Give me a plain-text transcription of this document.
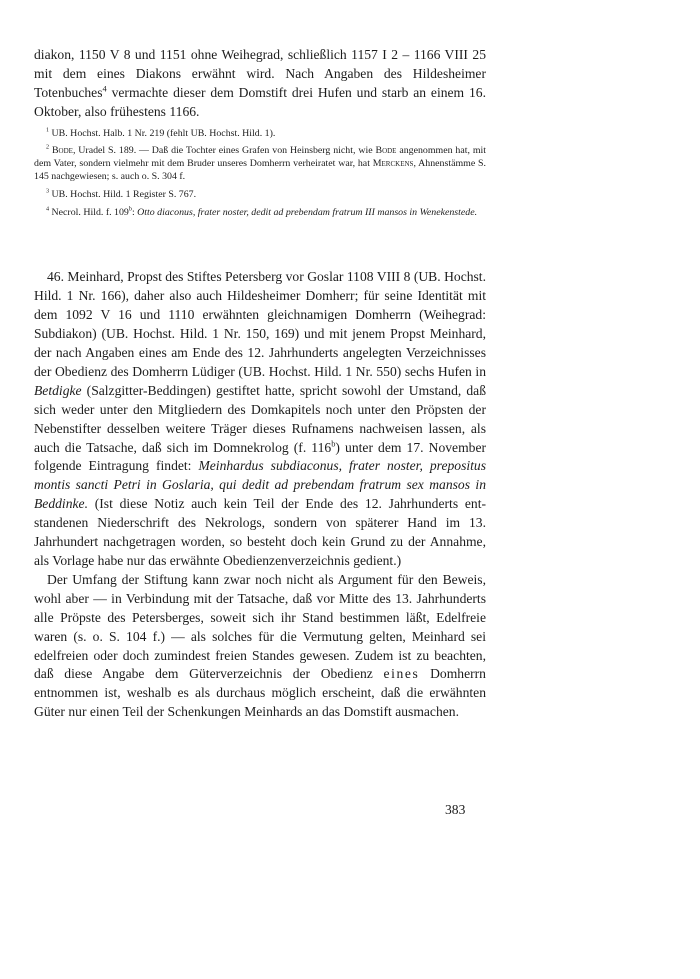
diakon, 1150 V 8 und 1151 ohne Weihegrad, schließlich 1157 I 2 – 1166 VIII 25 mit dem eines Diakons erwähnt wird. Nach Angaben des Hildesheimer Totenbuches$^4$ vermachte dieser dem Domstift drei Hufen und starb an einem 16. Oktober, also frühestens 1166.

$^1$ UB. Hochst. Halb. 1 Nr. 219 (fehlt UB. Hochst. Hild. 1).

$^2$ Bode, Uradel S. 189. — Daß die Tochter eines Grafen von Heinsberg nicht, wie Bode angenommen hat, mit dem Vater, sondern vielmehr mit dem Bruder unseres Domherrn verheiratet war, hat Merckens, Ahnenstämme S. 145 nachgewiesen; s. auch o. S. 304 f.

$^3$ UB. Hochst. Hild. 1 Register S. 767.

$^4$ Necrol. Hild. f. 109$^b$: Otto diaconus, frater noster, dedit ad prebendam fratrum III mansos in Wenekenstede.

46. Meinhard, Propst des Stiftes Petersberg vor Goslar 1108 VIII 8 (UB. Hochst. Hild. 1 Nr. 166), daher also auch Hildesheimer Domherr; für seine Identität mit dem 1092 V 16 und 1110 erwähnten gleichnamigen Domherrn (Weihegrad: Subdiakon) (UB. Hochst. Hild. 1 Nr. 150, 169) und mit jenem Propst Meinhard, der nach Angaben eines am Ende des 12. Jahrhunderts angelegten Verzeichnisses der Obedienz des Domherrn Lüdiger (UB. Hochst. Hild. 1 Nr. 550) sechs Hufen in Betdigke (Salzgitter-Beddingen) gestiftet hatte, spricht sowohl der Umstand, daß sich weder unter den Mitgliedern des Domkapitels noch unter den Pröpsten der Nebenstifter desselben weitere Träger dieses Rufnamens nachweisen lassen, als auch die Tatsache, daß sich im Domnekrolog (f. 116$^b$) unter dem 17. November folgende Eintragung findet: Meinhardus subdiaconus, frater noster, prepositus montis sancti Petri in Goslaria, qui dedit ad prebendam fratrum sex mansos in Beddinke. (Ist diese Notiz auch kein Teil der Ende des 12. Jahrhunderts entstandenen Niederschrift des Nekrologs, sondern von späterer Hand im 13. Jahrhundert nachgetragen worden, so besteht doch kein Grund zu der Annahme, als Vorlage habe nur das erwähnte Obedienzenverzeichnis gedient.)

Der Umfang der Stiftung kann zwar noch nicht als Argument für den Beweis, wohl aber — in Verbindung mit der Tatsache, daß vor Mitte des 13. Jahrhunderts alle Pröpste des Petersberges, soweit sich ihr Stand bestimmen läßt, Edelfreie waren (s. o. S. 104 f.) — als solches für die Vermutung gelten, Meinhard sei edelfreien oder doch zumindest freien Standes gewesen. Zudem ist zu beachten, daß diese Angabe dem Güterverzeichnis der Obedienz eines Domherrn entnommen ist, weshalb es als durchaus möglich erscheint, daß die erwähnten Güter nur einen Teil der Schenkungen Meinhards an das Domstift ausmachen.

383
